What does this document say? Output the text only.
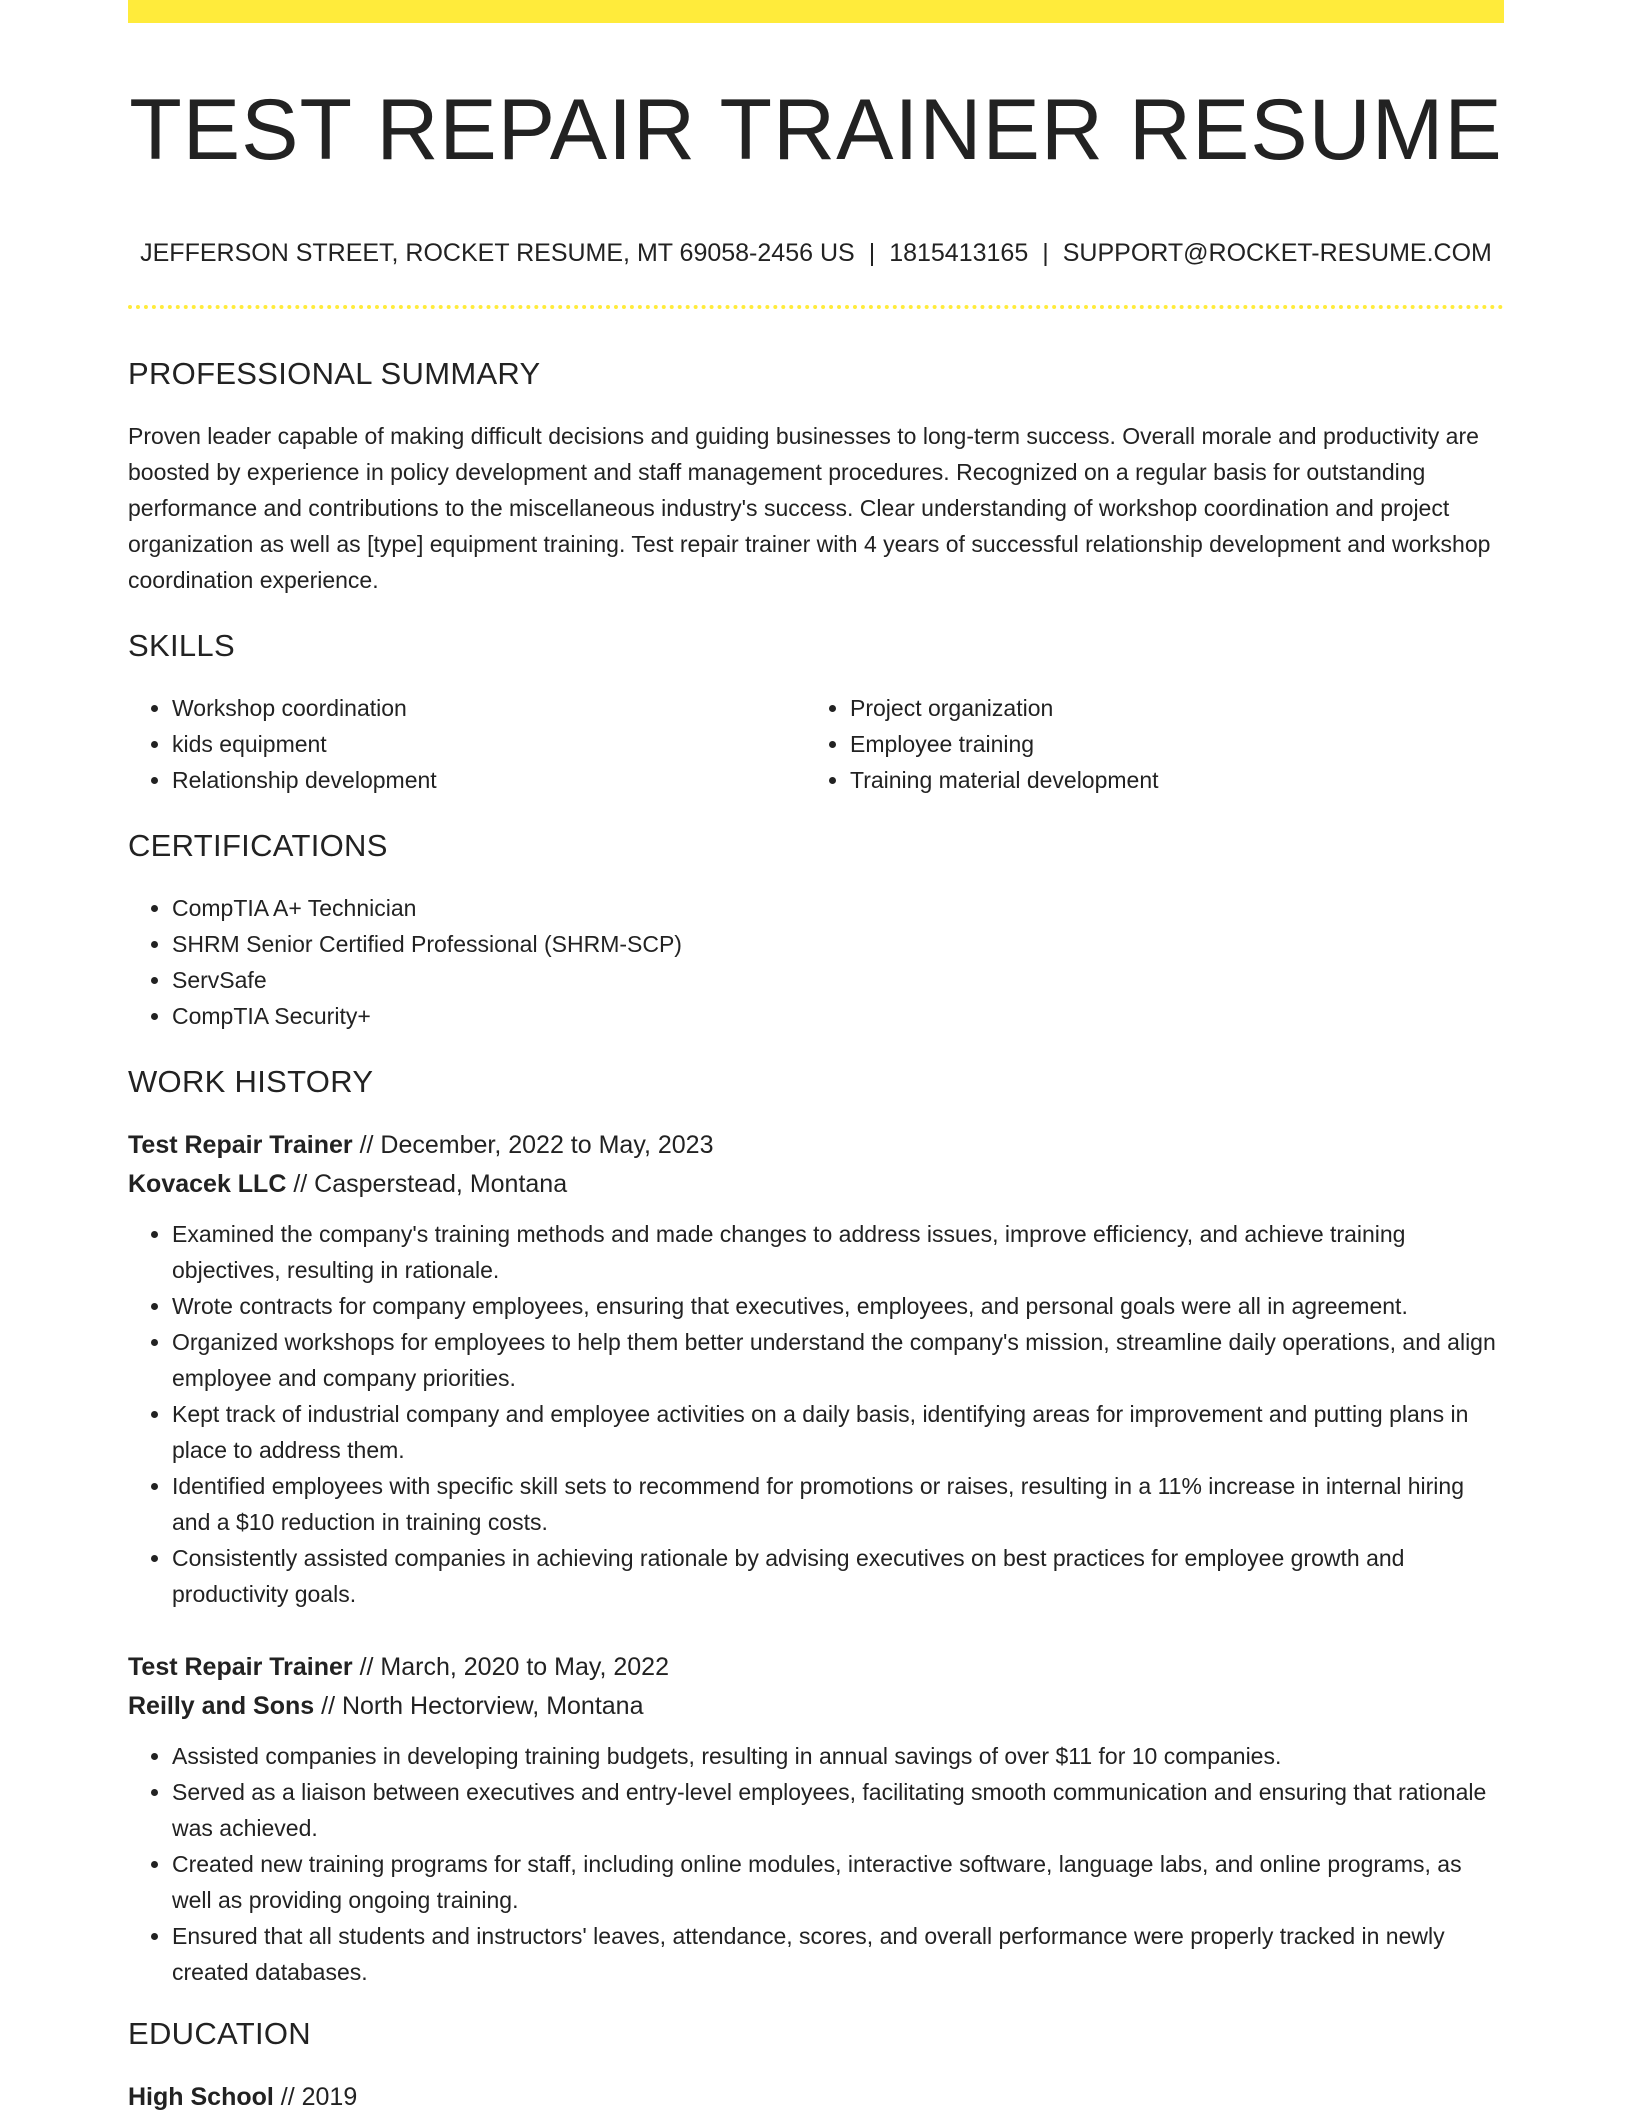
TEST REPAIR TRAINER RESUME
JEFFERSON STREET, ROCKET RESUME, MT 69058-2456 US | 1815413165 | SUPPORT@ROCKET-RESUME.COM
PROFESSIONAL SUMMARY

Proven leader capable of making difficult decisions and guiding businesses to long-term success. Overall morale and productivity are boosted by experience in policy development and staff management procedures. Recognized on a regular basis for outstanding performance and contributions to the miscellaneous industry's success. Clear understanding of workshop coordination and project organization as well as [type] equipment training. Test repair trainer with 4 years of successful relationship development and workshop coordination experience.

SKILLS
• Workshop coordination
• kids equipment
• Relationship development
• Project organization
• Employee training
• Training material development
CERTIFICATIONS
• CompTIA A+ Technician
• SHRM Senior Certified Professional (SHRM-SCP)
• ServSafe
• CompTIA Security+
WORK HISTORY

Test Repair Trainer // December, 2022 to May, 2023

Kovacek LLC // Casperstead, Montana

• Examined the company's training methods and made changes to address issues, improve efficiency, and achieve training objectives, resulting in rationale.
• Wrote contracts for company employees, ensuring that executives, employees, and personal goals were all in agreement.
• Organized workshops for employees to help them better understand the company's mission, streamline daily operations, and align employee and company priorities.
• Kept track of industrial company and employee activities on a daily basis, identifying areas for improvement and putting plans in place to address them.
• Identified employees with specific skill sets to recommend for promotions or raises, resulting in a 11% increase in internal hiring and a $10 reduction in training costs.
• Consistently assisted companies in achieving rationale by advising executives on best practices for employee growth and productivity goals.

Test Repair Trainer // March, 2020 to May, 2022

Reilly and Sons // North Hectorview, Montana

• Assisted companies in developing training budgets, resulting in annual savings of over $11 for 10 companies.
• Served as a liaison between executives and entry-level employees, facilitating smooth communication and ensuring that rationale was achieved.
• Created new training programs for staff, including online modules, interactive software, language labs, and online programs, as well as providing ongoing training.
• Ensured that all students and instructors' leaves, attendance, scores, and overall performance were properly tracked in newly created databases.
EDUCATION

High School // 2019
